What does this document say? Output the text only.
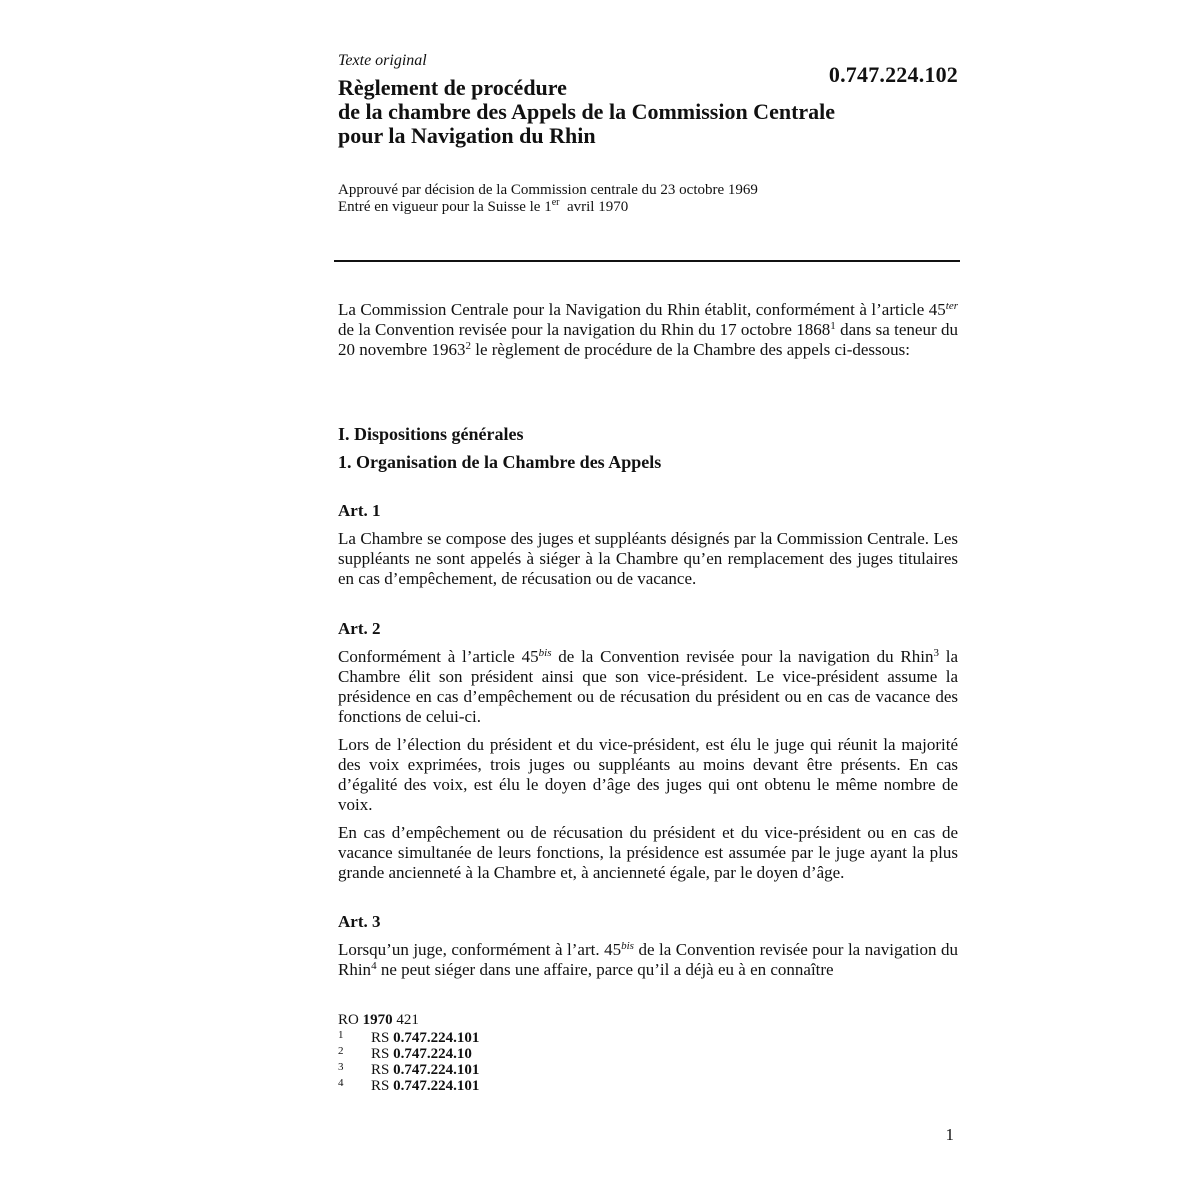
Texte original
0.747.224.102
Règlement de procédure
de la chambre des Appels de la Commission Centrale
pour la Navigation du Rhin
Approuvé par décision de la Commission centrale du 23 octobre 1969
Entré en vigueur pour la Suisse le 1er  avril 1970

La Commission Centrale pour la Navigation du Rhin établit, conformément à l’article $45^{ter}$ de la Convention revisée pour la navigation du Rhin du 17 octobre 1868$^1$ dans sa teneur du 20 novembre 1963$^2$ le règlement de procédure de la Chambre des appels ci-dessous:

I. Dispositions générales
1. Organisation de la Chambre des Appels
Art. 1

La Chambre se compose des juges et suppléants désignés par la Commission Centrale. Les suppléants ne sont appelés à siéger à la Chambre qu’en remplacement des juges titulaires en cas d’empêchement, de récusation ou de vacance.

Art. 2

Conformément à l’article $45^{bis}$ de la Convention revisée pour la navigation du Rhin$^3$ la Chambre élit son président ainsi que son vice-président. Le vice-président assume la présidence en cas d’empêchement ou de récusation du président ou en cas de vacance des fonctions de celui-ci.

Lors de l’élection du président et du vice-président, est élu le juge qui réunit la majorité des voix exprimées, trois juges ou suppléants au moins devant être présents. En cas d’égalité des voix, est élu le doyen d’âge des juges qui ont obtenu le même nombre de voix.

En cas d’empêchement ou de récusation du président et du vice-président ou en cas de vacance simultanée de leurs fonctions, la présidence est assumée par le juge ayant la plus grande ancienneté à la Chambre et, à ancienneté égale, par le doyen d’âge.

Art. 3

Lorsqu’un juge, conformément à l’art. $45^{bis}$ de la Convention revisée pour la navigation du Rhin$^4$ ne peut siéger dans une affaire, parce qu’il a déjà eu à en connaître

RO 1970 421
1 RS 0.747.224.101
2 RS 0.747.224.10
3 RS 0.747.224.101
4 RS 0.747.224.101
1
